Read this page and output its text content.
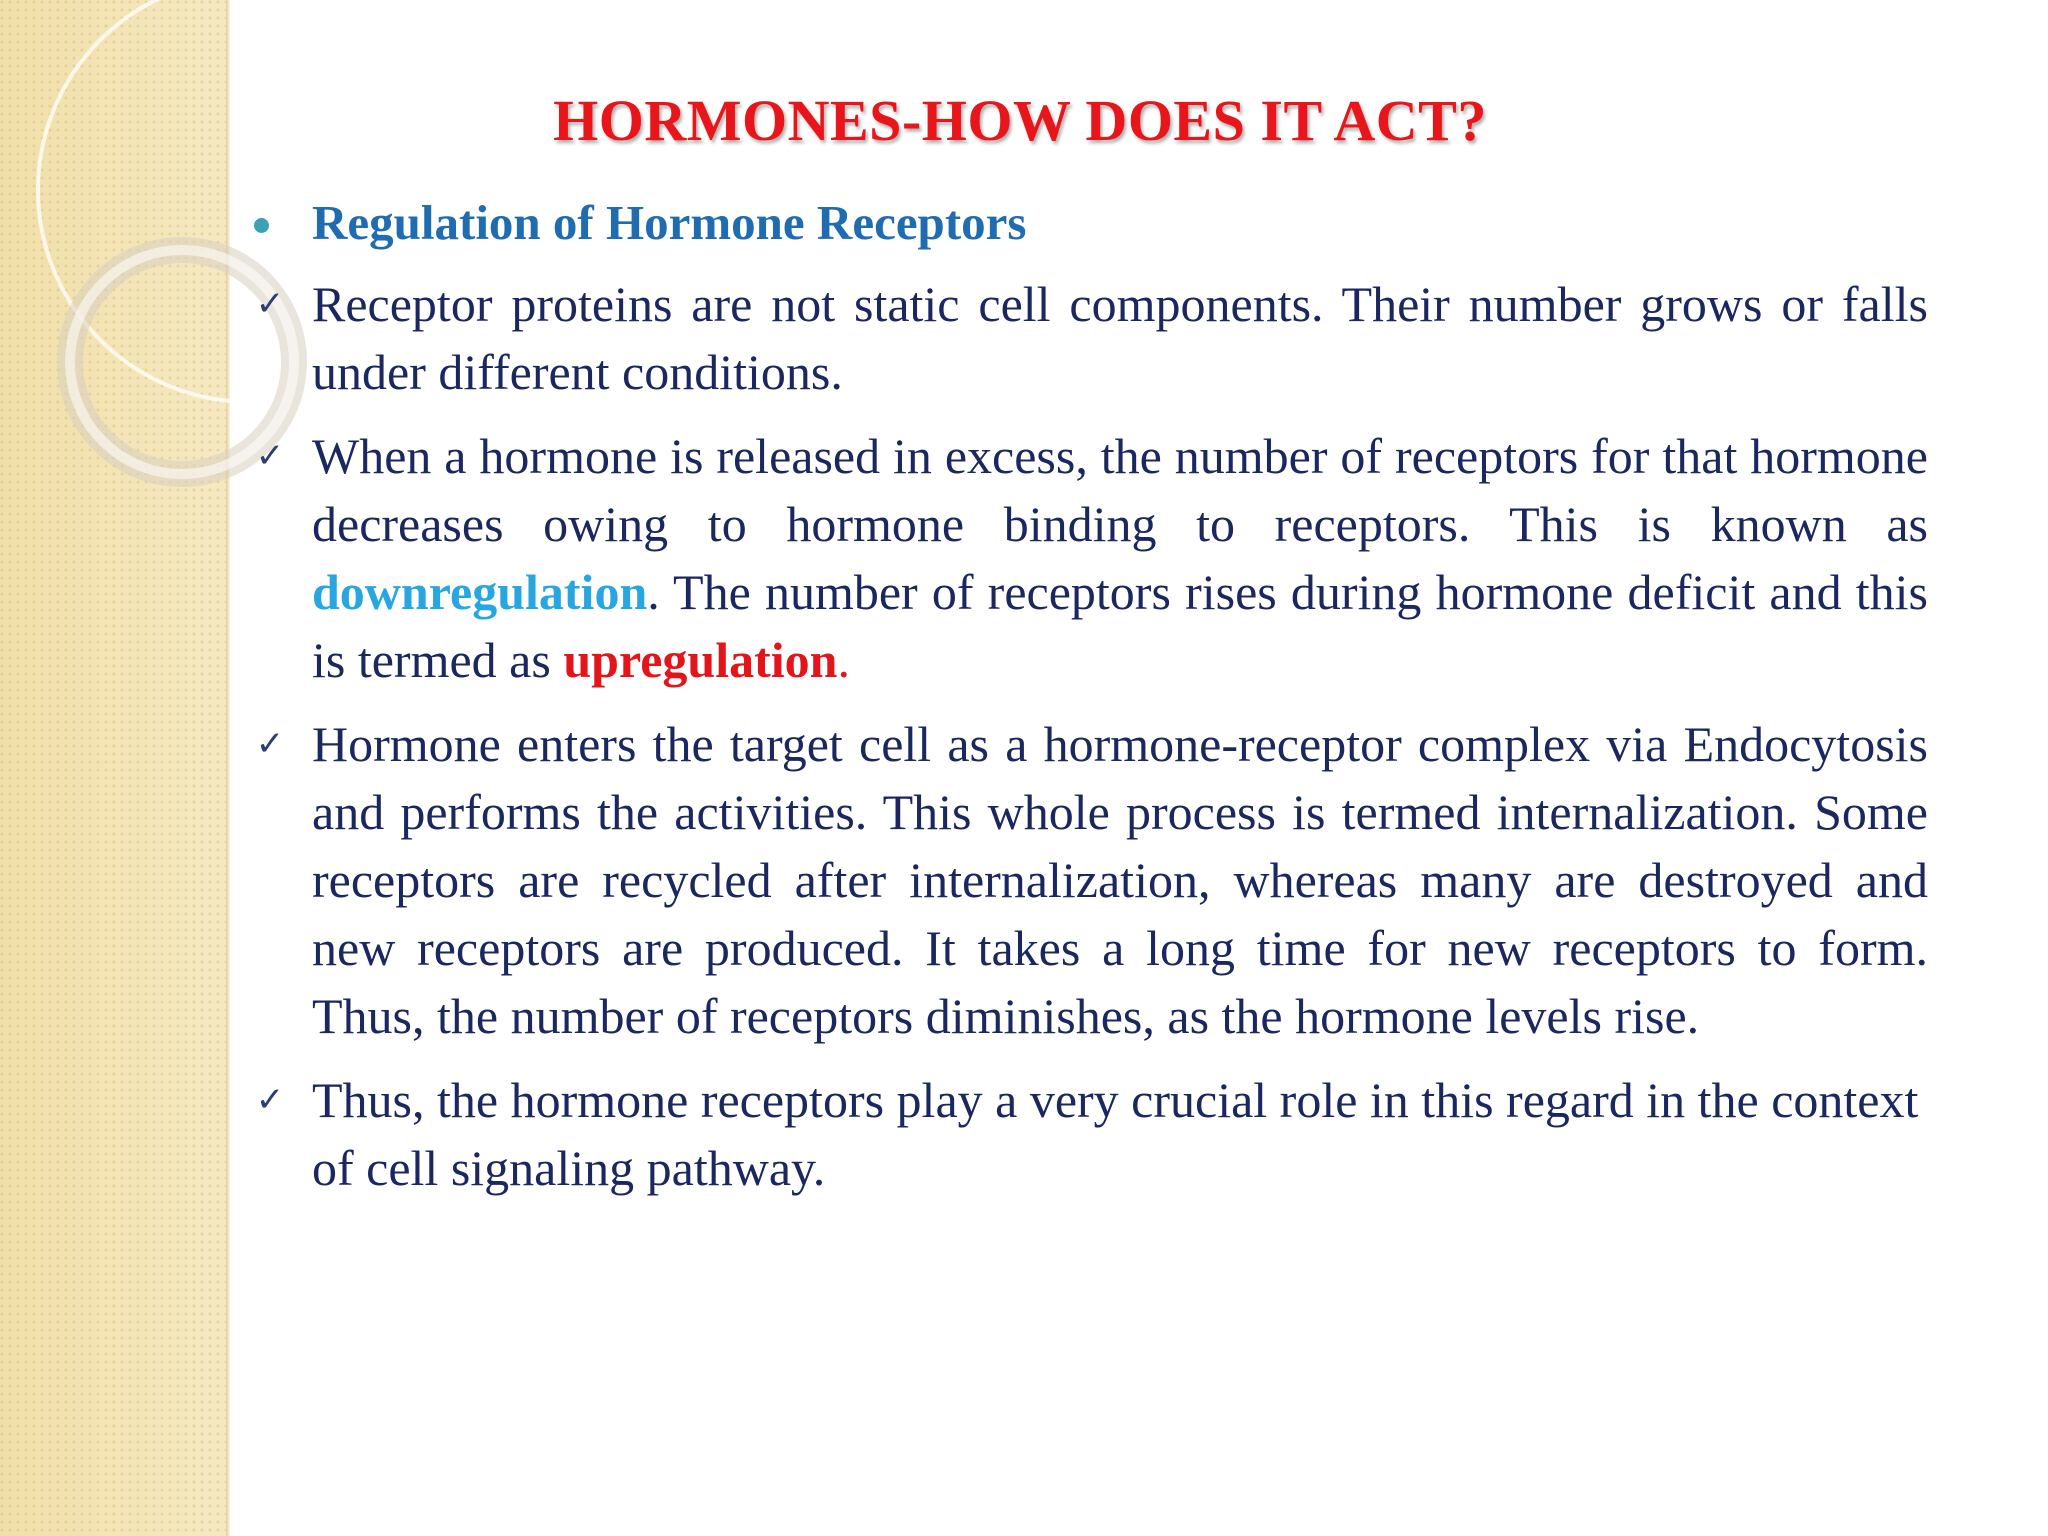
HORMONES-HOW DOES IT ACT?
Regulation of Hormone Receptors
✓ Receptor proteins are not static cell components. Their number grows or falls under different conditions.
✓ When a hormone is released in excess, the number of receptors for that hormone decreases owing to hormone binding to receptors. This is known as downregulation. The number of receptors rises during hormone deficit and this is termed as upregulation.
✓ Hormone enters the target cell as a hormone-receptor complex via Endocytosis and performs the activities. This whole process is termed internalization. Some receptors are recycled after internalization, whereas many are destroyed and new receptors are produced. It takes a long time for new receptors to form. Thus, the number of receptors diminishes, as the hormone levels rise.
✓ Thus, the hormone receptors play a very crucial role in this regard in the context of cell signaling pathway.
